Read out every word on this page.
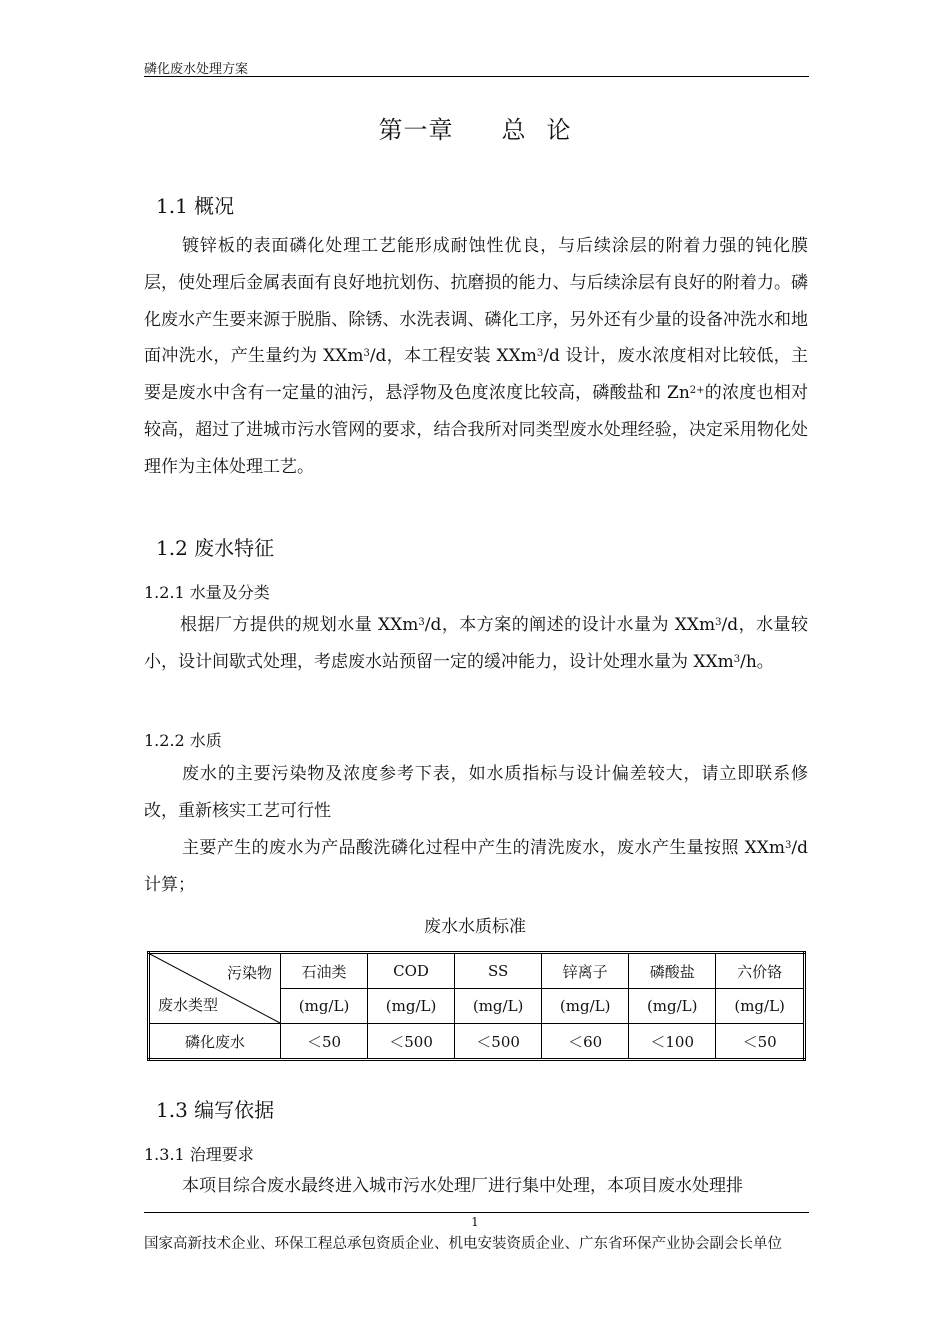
磷化废水处理方案
第一章 总 论
1.1 概况
镀锌板的表面磷化处理工艺能形成耐蚀性优良，与后续涂层的附着力强的钝化膜层，使处理后金属表面有良好地抗划伤、抗磨损的能力、与后续涂层有良好的附着力。磷化废水产生要来源于脱脂、除锈、水洗表调、磷化工序，另外还有少量的设备冲洗水和地面冲洗水，产生量约为 XXm$^3$/d，本工程安装 XXm$^3$/d 设计，废水浓度相对比较低，主要是废水中含有一定量的油污，悬浮物及色度浓度比较高，磷酸盐和 $Zn^{2+}$的浓度也相对较高，超过了进城市污水管网的要求，结合我所对同类型废水处理经验，决定采用物化处理作为主体处理工艺。
1.2 废水特征
1.2.1 水量及分类
根据厂方提供的规划水量 XXm$^3$/d，本方案的阐述的设计水量为 XXm$^3$/d，水量较小，设计间歇式处理，考虑废水站预留一定的缓冲能力，设计处理水量为 XXm$^3$/h。
1.2.2 水质
废水的主要污染物及浓度参考下表，如水质指标与设计偏差较大，请立即联系修改，重新核实工艺可行性
主要产生的废水为产品酸洗磷化过程中产生的清洗废水，废水产生量按照 XXm$^3$/d 计算；
废水水质标准
污染物
废水类型	石油类	COD	SS	锌离子	磷酸盐	六价铬
	(mg/L)	(mg/L)	(mg/L)	(mg/L)	(mg/L)	(mg/L)
磷化废水	＜50	＜500	＜500	＜60	＜100	＜50
1.3 编写依据
1.3.1 治理要求
本项目综合废水最终进入城市污水处理厂进行集中处理，本项目废水处理排
1
国家高新技术企业、环保工程总承包资质企业、机电安装资质企业、广东省环保产业协会副会长单位
